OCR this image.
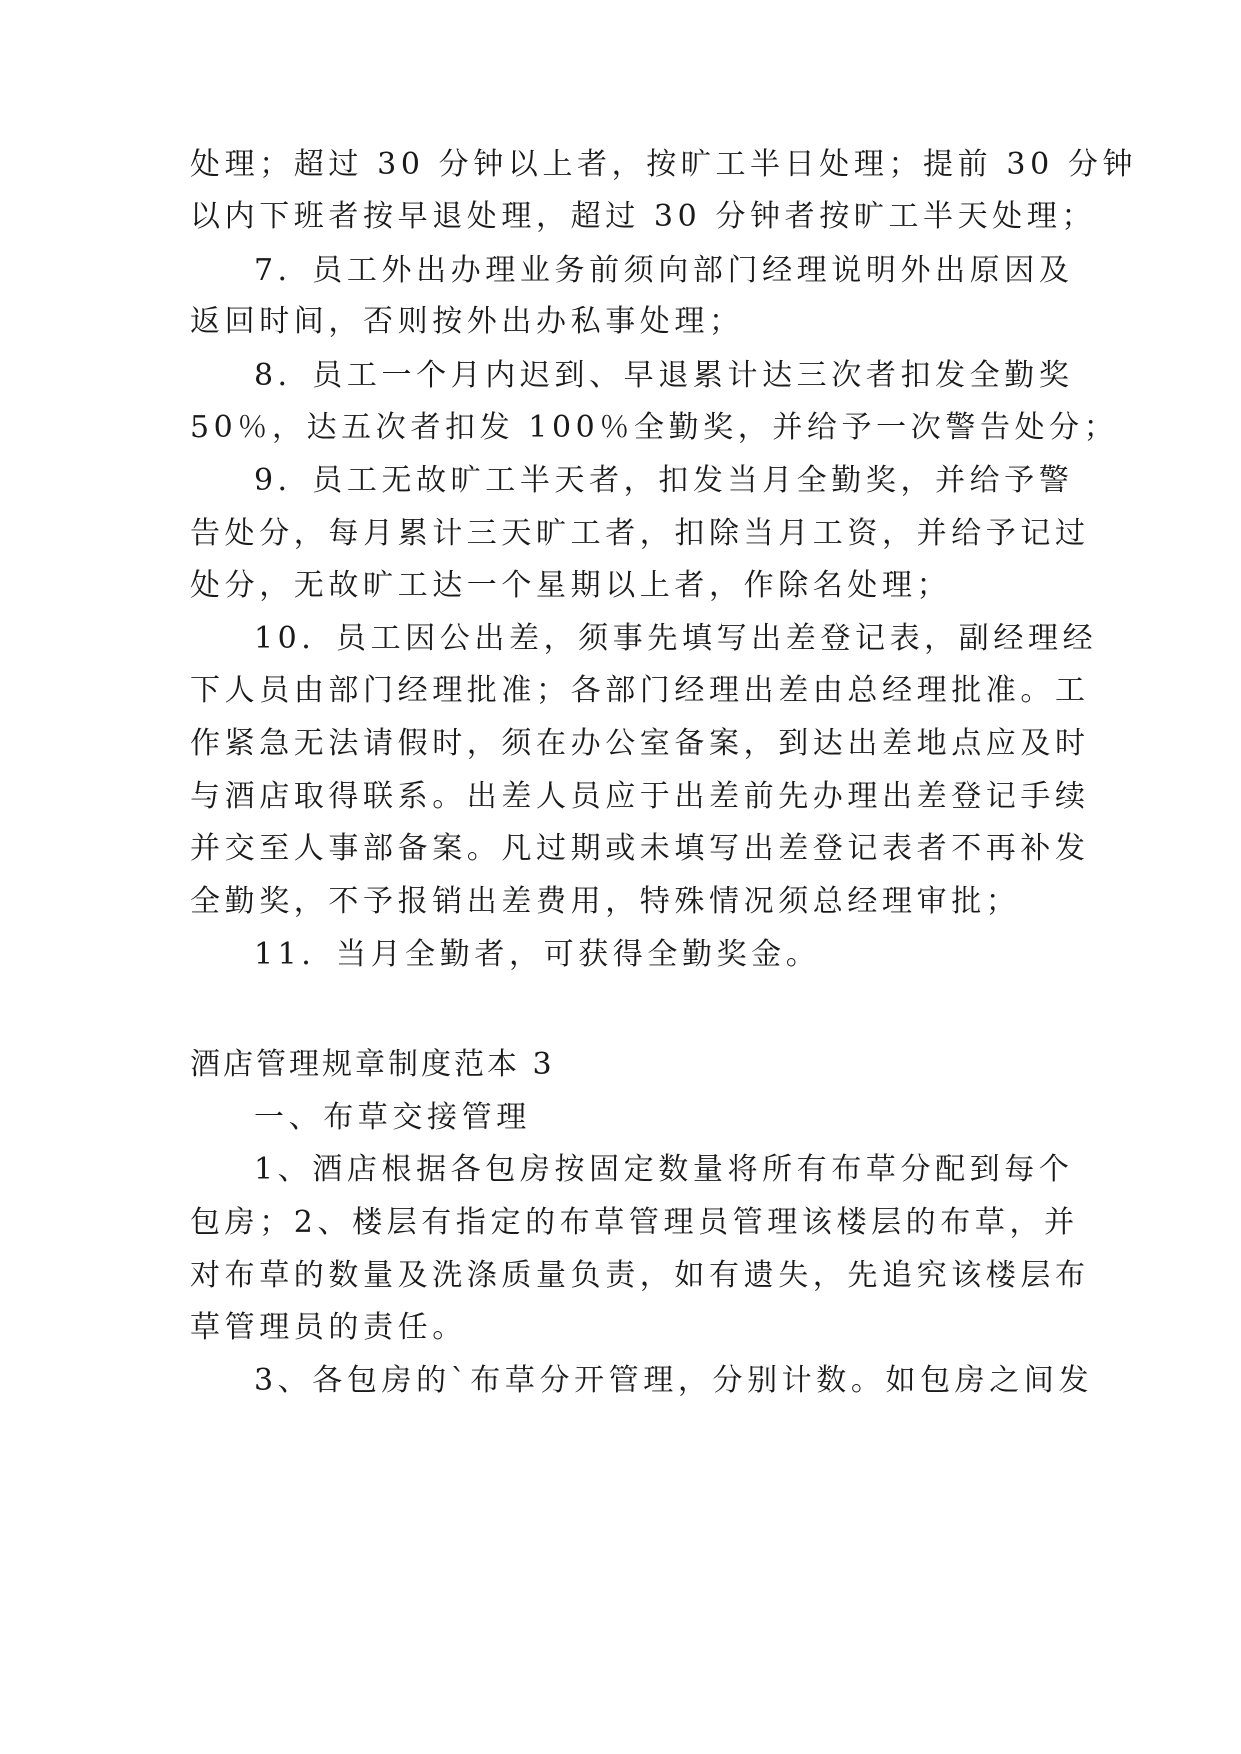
处理；超过 30 分钟以上者，按旷工半日处理；提前 30 分钟
以内下班者按早退处理，超过 30 分钟者按旷工半天处理；
7．员工外出办理业务前须向部门经理说明外出原因及
返回时间，否则按外出办私事处理；
8．员工一个月内迟到、早退累计达三次者扣发全勤奖
50％，达五次者扣发 100％全勤奖，并给予一次警告处分；
9．员工无故旷工半天者，扣发当月全勤奖，并给予警
告处分，每月累计三天旷工者，扣除当月工资，并给予记过
处分，无故旷工达一个星期以上者，作除名处理；
10．员工因公出差，须事先填写出差登记表，副经理经
下人员由部门经理批准；各部门经理出差由总经理批准。工
作紧急无法请假时，须在办公室备案，到达出差地点应及时
与酒店取得联系。出差人员应于出差前先办理出差登记手续
并交至人事部备案。凡过期或未填写出差登记表者不再补发
全勤奖，不予报销出差费用，特殊情况须总经理审批；
11．当月全勤者，可获得全勤奖金。
酒店管理规章制度范本 3
一、布草交接管理
1、酒店根据各包房按固定数量将所有布草分配到每个
包房；2、楼层有指定的布草管理员管理该楼层的布草，并
对布草的数量及洗涤质量负责，如有遗失，先追究该楼层布
草管理员的责任。
3、各包房的`布草分开管理，分别计数。如包房之间发
